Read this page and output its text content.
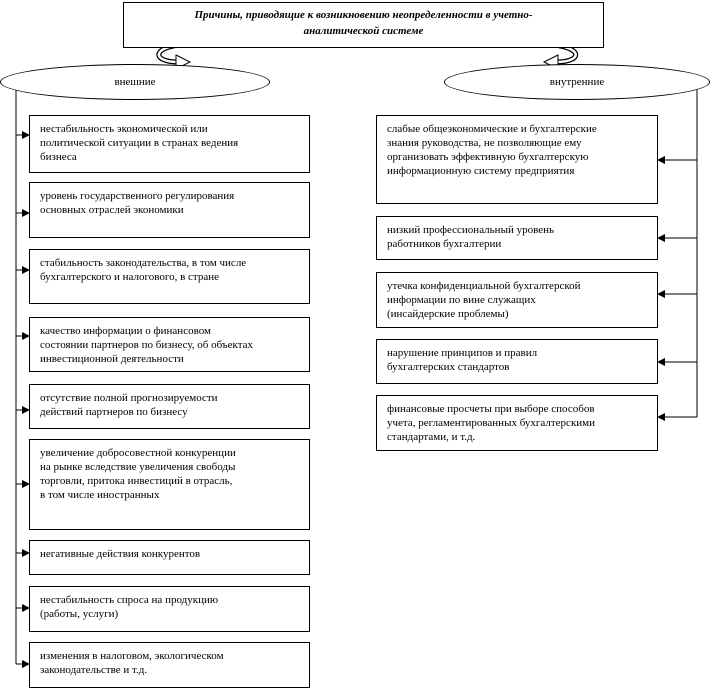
Причины, приводящие к возникновению неопределенности в учетно-аналитической системе
внешние	внутренние
нестабильность экономической или
политической ситуации в странах ведения
бизнеса
уровень государственного регулирования
основных отраслей экономики
стабильность законодательства, в том числе
бухгалтерского и налогового, в стране
качество информации о финансовом
состоянии партнеров по бизнесу, об объектах
инвестиционной деятельности
отсутствие полной прогнозируемости
действий партнеров по бизнесу
увеличение добросовестной конкуренции
на рынке вследствие увеличения свободы
торговли, притока инвестиций в отрасль,
в том числе иностранных
негативные действия конкурентов
нестабильность спроса на продукцию
(работы, услуги)
изменения в налоговом, экологическом
законодательстве и т.д.
слабые общеэкономические и бухгалтерские
знания руководства, не позволяющие ему
организовать эффективную бухгалтерскую
информационную систему предприятия
низкий профессиональный уровень
работников бухгалтерии
утечка конфиденциальной бухгалтерской
информации по вине служащих
(инсайдерские проблемы)
нарушение принципов и правил
бухгалтерских стандартов
финансовые просчеты при выборе способов
учета, регламентированных бухгалтерскими
стандартами, и т.д.
